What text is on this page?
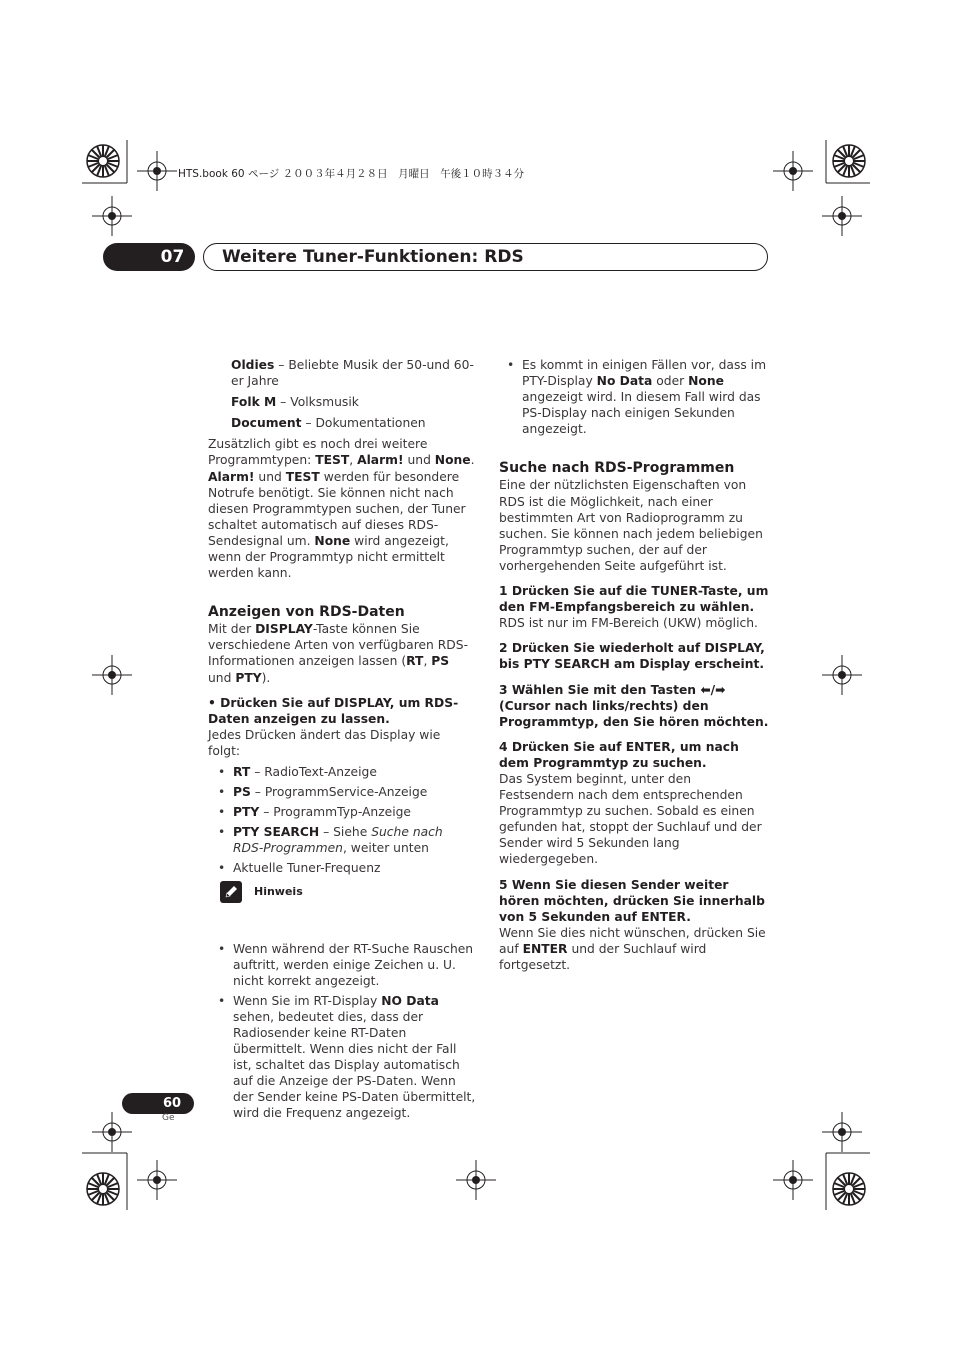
HTS.book 60 ページ ２００３年４月２８日　月曜日　午後１０時３４分
07	Weitere Tuner-Funktionen: RDS

Oldies – Beliebte Musik der 50-und 60-er Jahre

Folk M – Volksmusik

Document – Dokumentationen

Zusätzlich gibt es noch drei weitere Programmtypen: TEST, Alarm! und None. Alarm! und TEST werden für besondere Notrufe benötigt. Sie können nicht nach diesen Programmtypen suchen, der Tuner schaltet automatisch auf dieses RDS-Sendesignal um. None wird angezeigt, wenn der Programmtyp nicht ermittelt werden kann.

Anzeigen von RDS-Daten

Mit der DISPLAY-Taste können Sie verschiedene Arten von verfügbaren RDS-Informationen anzeigen lassen (RT, PS und PTY).

• Drücken Sie auf DISPLAY, um RDS-Daten anzeigen zu lassen.

Jedes Drücken ändert das Display wie folgt:

• RT – RadioText-Anzeige
• PS – ProgrammService-Anzeige
• PTY – ProgrammTyp-Anzeige
• PTY SEARCH – Siehe Suche nach RDS-Programmen, weiter unten
• Aktuelle Tuner-Frequenz
• Wenn während der RT-Suche Rauschen auftritt, werden einige Zeichen u. U. nicht korrekt angezeigt.
• Wenn Sie im RT-Display NO Data sehen, bedeutet dies, dass der Radiosender keine RT-Daten übermittelt. Wenn dies nicht der Fall ist, schaltet das Display automatisch auf die Anzeige der PS-Daten. Wenn der Sender keine PS-Daten übermittelt, wird die Frequenz angezeigt.
Hinweis
• Es kommt in einigen Fällen vor, dass im PTY-Display No Data oder None angezeigt wird. In diesem Fall wird das PS-Display nach einigen Sekunden angezeigt.

Suche nach RDS-Programmen

Eine der nützlichsten Eigenschaften von RDS ist die Möglichkeit, nach einer bestimmten Art von Radioprogramm zu suchen. Sie können nach jedem beliebigen Programmtyp suchen, der auf der vorhergehenden Seite aufgeführt ist.

1 Drücken Sie auf die TUNER-Taste, um den FM-Empfangsbereich zu wählen.

RDS ist nur im FM-Bereich (UKW) möglich.

2 Drücken Sie wiederholt auf DISPLAY, bis PTY SEARCH am Display erscheint.

3 Wählen Sie mit den Tasten ⬅/➡ (Cursor nach links/rechts) den Programmtyp, den Sie hören möchten.

4 Drücken Sie auf ENTER, um nach dem Programmtyp zu suchen.

Das System beginnt, unter den Festsendern nach dem entsprechenden Programmtyp zu suchen. Sobald es einen gefunden hat, stoppt der Suchlauf und der Sender wird 5 Sekunden lang wiedergegeben.

5 Wenn Sie diesen Sender weiter hören möchten, drücken Sie innerhalb von 5 Sekunden auf ENTER.

Wenn Sie dies nicht wünschen, drücken Sie auf ENTER und der Suchlauf wird fortgesetzt.

60
Ge
